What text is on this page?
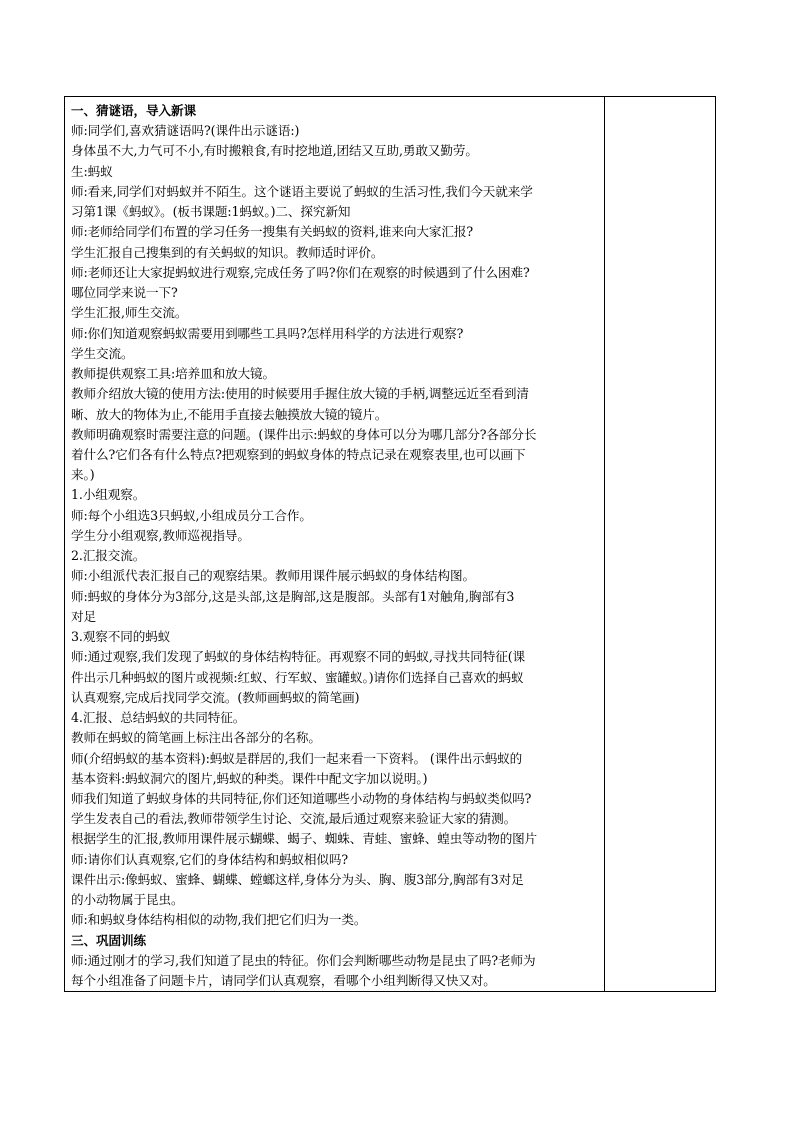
一、猜谜语，导入新课
师:同学们,喜欢猜谜语吗?(课件出示谜语:)
身体虽不大,力气可不小,有时搬粮食,有时挖地道,团结又互助,勇敢又勤劳。
生:蚂蚁
师:看来,同学们对蚂蚁并不陌生。这个谜语主要说了蚂蚁的生活习性,我们今天就来学
习第1课《蚂蚁》。(板书课题:1蚂蚁。)二、探究新知
师:老师给同学们布置的学习任务一搜集有关蚂蚁的资料,谁来向大家汇报?
学生汇报自己搜集到的有关蚂蚁的知识。教师适时评价。
师:老师还让大家捉蚂蚁进行观察,完成任务了吗?你们在观察的时候遇到了什么困难?
哪位同学来说一下?
学生汇报,师生交流。
师:你们知道观察蚂蚁需要用到哪些工具吗?怎样用科学的方法进行观察?
学生交流。
教师提供观察工具:培养皿和放大镜。
教师介绍放大镜的使用方法:使用的时候要用手握住放大镜的手柄,调整远近至看到清
晰、放大的物体为止,不能用手直接去触摸放大镜的镜片。
教师明确观察时需要注意的问题。(课件出示:蚂蚁的身体可以分为哪几部分?各部分长
着什么?它们各有什么特点?把观察到的蚂蚁身体的特点记录在观察表里,也可以画下
来。)
1.小组观察。
师:每个小组选3只蚂蚁,小组成员分工合作。
学生分小组观察,教师巡视指导。
2.汇报交流。
师:小组派代表汇报自己的观察结果。教师用课件展示蚂蚁的身体结构图。
师:蚂蚁的身体分为3部分,这是头部,这是胸部,这是腹部。头部有1对触角,胸部有3
对足
3.观察不同的蚂蚁
师:通过观察,我们发现了蚂蚁的身体结构特征。再观察不同的蚂蚁,寻找共同特征(课
件出示几种蚂蚁的图片或视频:红蚁、行军蚁、蜜罐蚁。)请你们选择自己喜欢的蚂蚁
认真观察,完成后找同学交流。(教师画蚂蚁的简笔画)
4.汇报、总结蚂蚁的共同特征。
教师在蚂蚁的简笔画上标注出各部分的名称。
师(介绍蚂蚁的基本资料):蚂蚁是群居的,我们一起来看一下资料。 (课件出示蚂蚁的
基本资料:蚂蚁洞穴的图片,蚂蚁的种类。课件中配文字加以说明。)
师我们知道了蚂蚁身体的共同特征,你们还知道哪些小动物的身体结构与蚂蚁类似吗?
学生发表自己的看法,教师带领学生讨论、交流,最后通过观察来验证大家的猜测。
根据学生的汇报,教师用课件展示蝴蝶、蝎子、蜘蛛、青蛙、蜜蜂、蝗虫等动物的图片
师:请你们认真观察,它们的身体结构和蚂蚁相似吗?
课件出示:像蚂蚁、蜜蜂、蝴蝶、螳螂这样,身体分为头、胸、腹3部分,胸部有3对足
的小动物属于昆虫。
师:和蚂蚁身体结构相似的动物,我们把它们归为一类。
三、巩固训练
师:通过刚才的学习,我们知道了昆虫的特征。你们会判断哪些动物是昆虫了吗?老师为
每个小组准备了问题卡片，请同学们认真观察，看哪个小组判断得又快又对。
